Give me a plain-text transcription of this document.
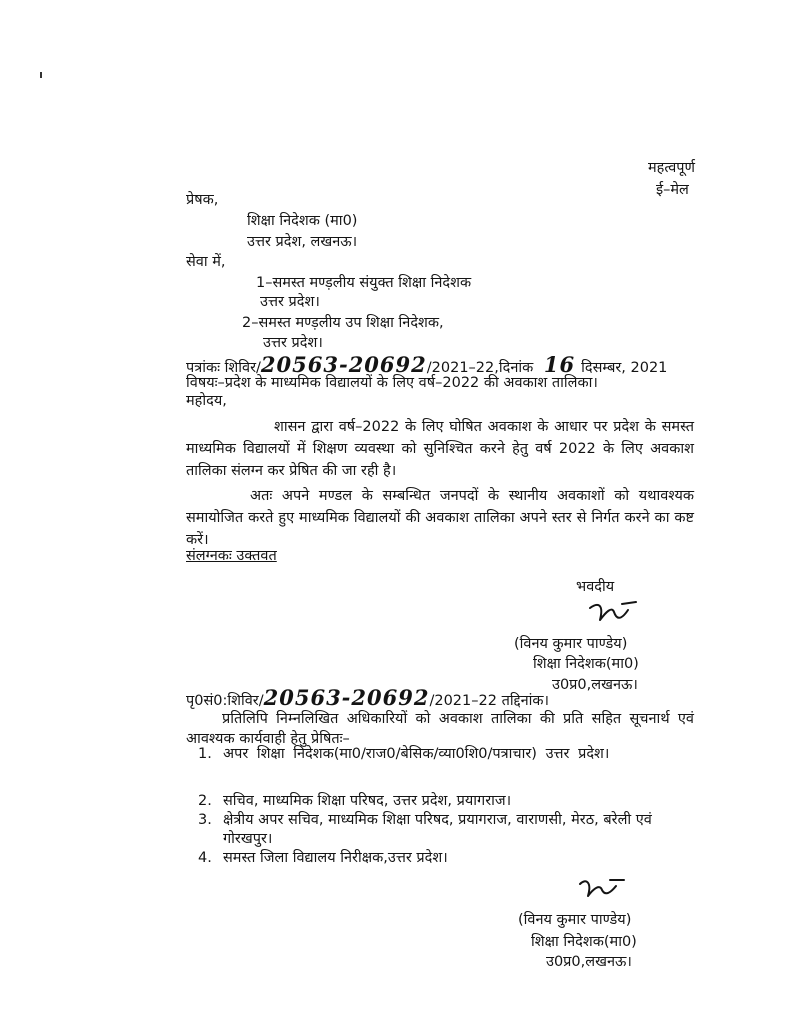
महत्वपूर्ण
ई–मेल
प्रेषक,
शिक्षा निदेशक (मा0)
उत्तर प्रदेश, लखनऊ।
सेवा में,
1–समस्त मण्ड़लीय संयुक्त शिक्षा निदेशक
उत्तर प्रदेश।
2–समस्त मण्ड़लीय उप शिक्षा निदेशक,
उत्तर प्रदेश।
पत्रांकः शिविर/20563-20692/2021–22,दिनांक 16 दिसम्बर, 2021
विषयः–प्रदेश के माध्यमिक विद्यालयों के लिए वर्ष–2022 की अवकाश तालिका।
महोदय,
शासन द्वारा वर्ष–2022 के लिए घोषित अवकाश के आधार पर प्रदेश के समस्त माध्यमिक विद्यालयों में शिक्षण व्यवस्था को सुनिश्चित करने हेतु वर्ष 2022 के लिए अवकाश तालिका संलग्न कर प्रेषित की जा रही है।
अतः अपने मण्डल के सम्बन्धित जनपदों के स्थानीय अवकाशों को यथावश्यक समायोजित करते हुए माध्यमिक विद्यालयों की अवकाश तालिका अपने स्तर से निर्गत करने का कष्ट करें।
संलग्नकः उक्तवत
भवदीय
(विनय कुमार पाण्डेय)
शिक्षा निदेशक(मा0)
उ0प्र0,लखनऊ।
पृ0सं0:शिविर/20563-20692/2021–22 तद्दिनांक।
प्रतिलिपि निम्नलिखित अधिकारियों को अवकाश तालिका की प्रति सहित सूचनार्थ एवं आवश्यक कार्यवाही हेतु प्रेषितः–
1. अपर शिक्षा निदेशक(मा0/राज0/बेसिक/व्या0शि0/पत्राचार) उत्तर प्रदेश।
2. सचिव, माध्यमिक शिक्षा परिषद, उत्तर प्रदेश, प्रयागराज।
3. क्षेत्रीय अपर सचिव, माध्यमिक शिक्षा परिषद, प्रयागराज, वाराणसी, मेरठ, बरेली एवं गोरखपुर।
4. समस्त जिला विद्यालय निरीक्षक,उत्तर प्रदेश।
(विनय कुमार पाण्डेय)
शिक्षा निदेशक(मा0)
उ0प्र0,लखनऊ।
